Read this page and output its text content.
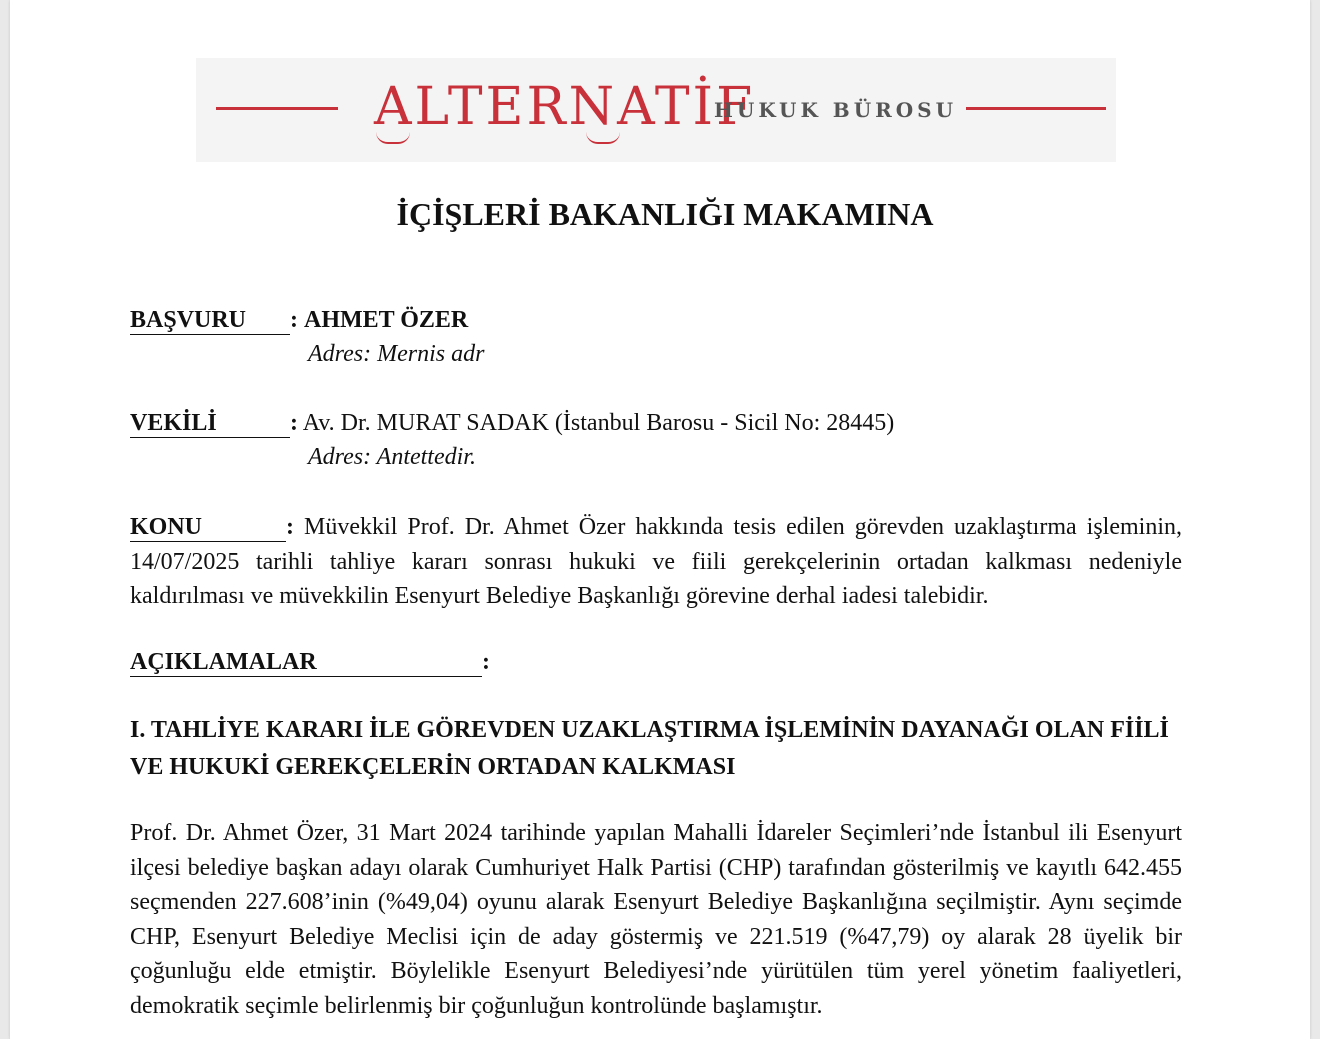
ALTERNATİF
HUKUK BÜROSU
İÇİŞLERİ BAKANLIĞI MAKAMINA
BAŞVURU : AHMET ÖZER
Adres: Mernis adr
VEKİLİ	: Av. Dr. MURAT SADAK (İstanbul Barosu - Sicil No: 28445)
Adres: Antettedir.
KONU	: Müvekkil Prof. Dr. Ahmet Özer hakkında tesis edilen görevden uzaklaştırma işleminin, 14/07/2025 tarihli tahliye kararı sonrası hukuki ve fiili gerekçelerinin ortadan kalkması nedeniyle kaldırılması ve müvekkilin Esenyurt Belediye Başkanlığı görevine derhal iadesi talebidir.
AÇIKLAMALAR	:
I. TAHLİYE KARARI İLE GÖREVDEN UZAKLAŞTIRMA İŞLEMİNİN DAYANAĞI OLAN FİİLİ VE HUKUKİ GEREKÇELERİN ORTADAN KALKMASI
Prof. Dr. Ahmet Özer, 31 Mart 2024 tarihinde yapılan Mahalli İdareler Seçimleri’nde İstanbul ili Esenyurt ilçesi belediye başkan adayı olarak Cumhuriyet Halk Partisi (CHP) tarafından gösterilmiş ve kayıtlı 642.455 seçmenden 227.608’inin (%49,04) oyunu alarak Esenyurt Belediye Başkanlığına seçilmiştir. Aynı seçimde CHP, Esenyurt Belediye Meclisi için de aday göstermiş ve 221.519 (%47,79) oy alarak 28 üyelik bir çoğunluğu elde etmiştir. Böylelikle Esenyurt Belediyesi’nde yürütülen tüm yerel yönetim faaliyetleri, demokratik seçimle belirlenmiş bir çoğunluğun kontrolünde başlamıştır.
